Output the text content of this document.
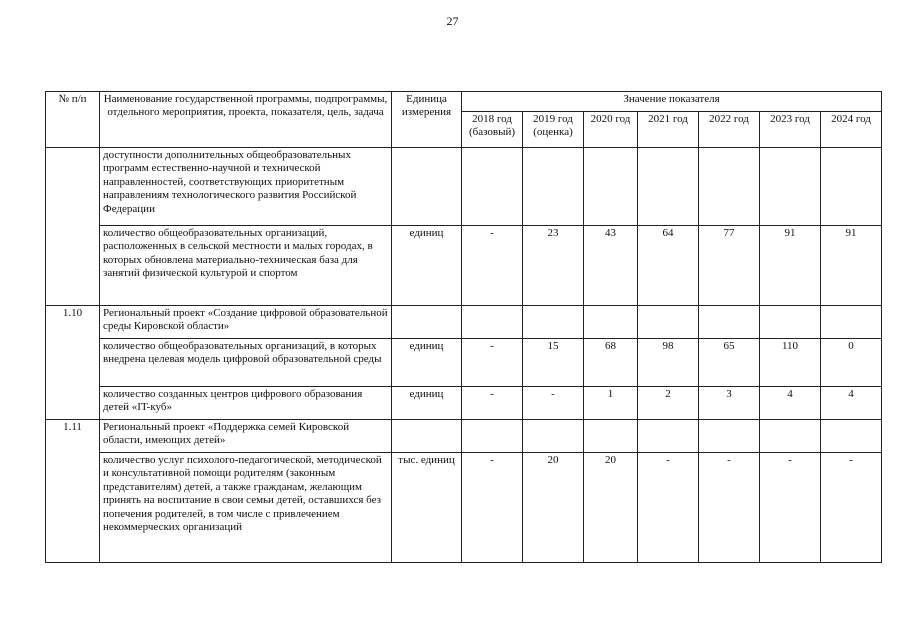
27
№ п/п	Наименование государственной программы, подпрограммы, отдельного мероприятия, проекта, показателя, цель, задача	Единица измерения	Значение показателя						
			2018 год (базовый)	2019 год (оценка)	2020 год	2021 год	2022 год	2023 год	2024 год
	доступности дополнительных общеобразовательных программ естественно-научной и технической направленностей, соответствующих приоритетным направлениям технологического развития Российской Федерации								
	количество общеобразовательных организаций, расположенных в сельской местности и малых городах, в которых обновлена материально-техническая база для занятий физической культурой и спортом	единиц	-	23	43	64	77	91	91
1.10	Региональный проект «Создание цифровой образовательной среды Кировской области»								
	количество общеобразовательных организаций, в которых внедрена целевая модель цифровой образовательной среды	единиц	-	15	68	98	65	110	0
	количество созданных центров цифрового образования детей «IT-куб»	единиц	-	-	1	2	3	4	4
1.11	Региональный проект «Поддержка семей Кировской области, имеющих детей»								
	количество услуг психолого-педагогической, методической и консультативной помощи родителям (законным представителям) детей, а также гражданам, желающим принять на воспитание в свои семьи детей, оставшихся без попечения родителей, в том числе с привлечением некоммерческих организаций	тыс. единиц	-	20	20	-	-	-	-
